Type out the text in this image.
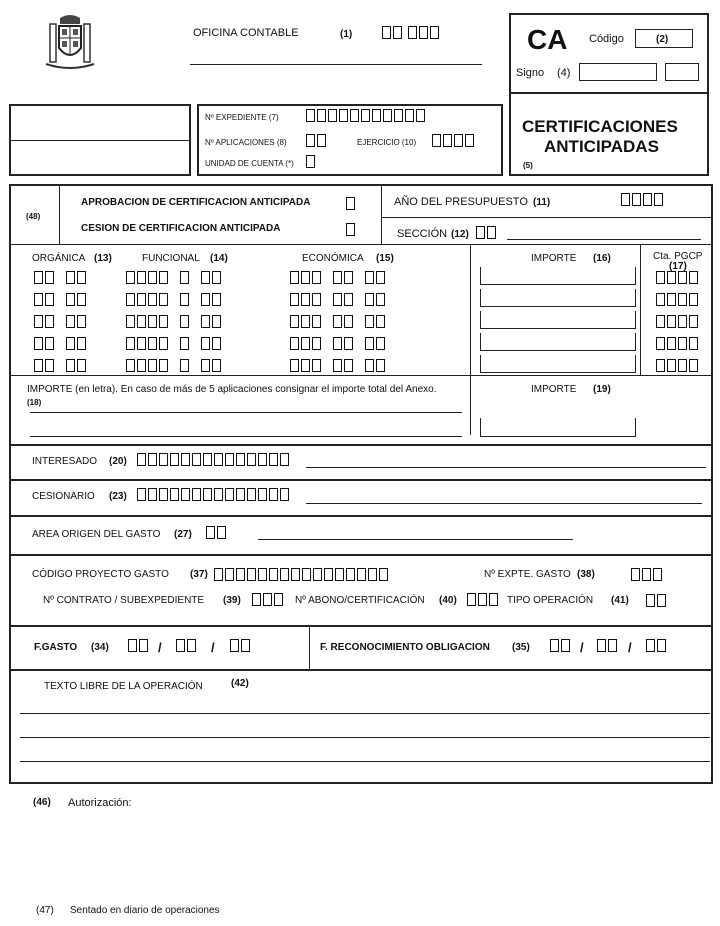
OFICINA CONTABLE	(1)	CA Código	(2)
Signo (4)
CERTIFICACIONES
ANTICIPADAS
(5)
Nº EXPEDIENTE (7)
Nº APLICACIONES (8)	EJERCICIO (10)
UNIDAD DE CUENTA (*)
(48)
APROBACION DE CERTIFICACION ANTICIPADA
CESION DE CERTIFICACION ANTICIPADA
AÑO DEL PRESUPUESTO (11)
SECCIÓN (12)
ORGÁNICA (13)	FUNCIONAL (14)	ECONÓMICA (15)	IMPORTE (16)	Cta. PGCP
(17)
IMPORTE (en letra). En caso de más de 5 aplicaciones consignar el importe total del Anexo.
(18)
IMPORTE (19)
INTERESADO (20)
CESIONARIO (23)
AREA ORIGEN DEL GASTO (27)
CÓDIGO PROYECTO GASTO (37)	Nº EXPTE. GASTO (38)
Nº CONTRATO / SUBEXPEDIENTE (39)	Nº ABONO/CERTIFICACIÓN (40)	TIPO OPERACIÓN (41)
F.GASTO (34)	/	/	F. RECONOCIMIENTO OBLIGACION (35)	/	/
TEXTO LIBRE DE LA OPERACIÓN	(42)
(46) Autorización:
(47) Sentado en diario de operaciones
